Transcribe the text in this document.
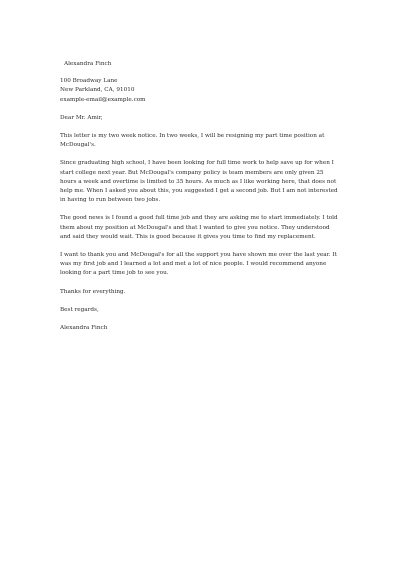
Alexandra Finch

100 Broadway Lane

New Parkland, CA, 91010

example-email@example.com

Dear Mr. Amir,

This letter is my two week notice. In two weeks, I will be resigning my part time position at
McDougal's.

Since graduating high school, I have been looking for full time work to help save up for when I
start college next year. But McDougal's company policy is team members are only given 25
hours a week and overtime is limited to 35 hours. As much as I like working here, that does not
help me. When I asked you about this, you suggested I get a second job. But I am not interested
in having to run between two jobs.

The good news is I found a good full time job and they are asking me to start immediately. I told
them about my position at McDougal's and that I wanted to give you notice. They understood
and said they would wait. This is good because it gives you time to find my replacement.

I want to thank you and McDougal's for all the support you have shown me over the last year. It
was my first job and I learned a lot and met a lot of nice people. I would recommend anyone
looking for a part time job to see you.

Thanks for everything.

Best regards,

Alexandra Finch
